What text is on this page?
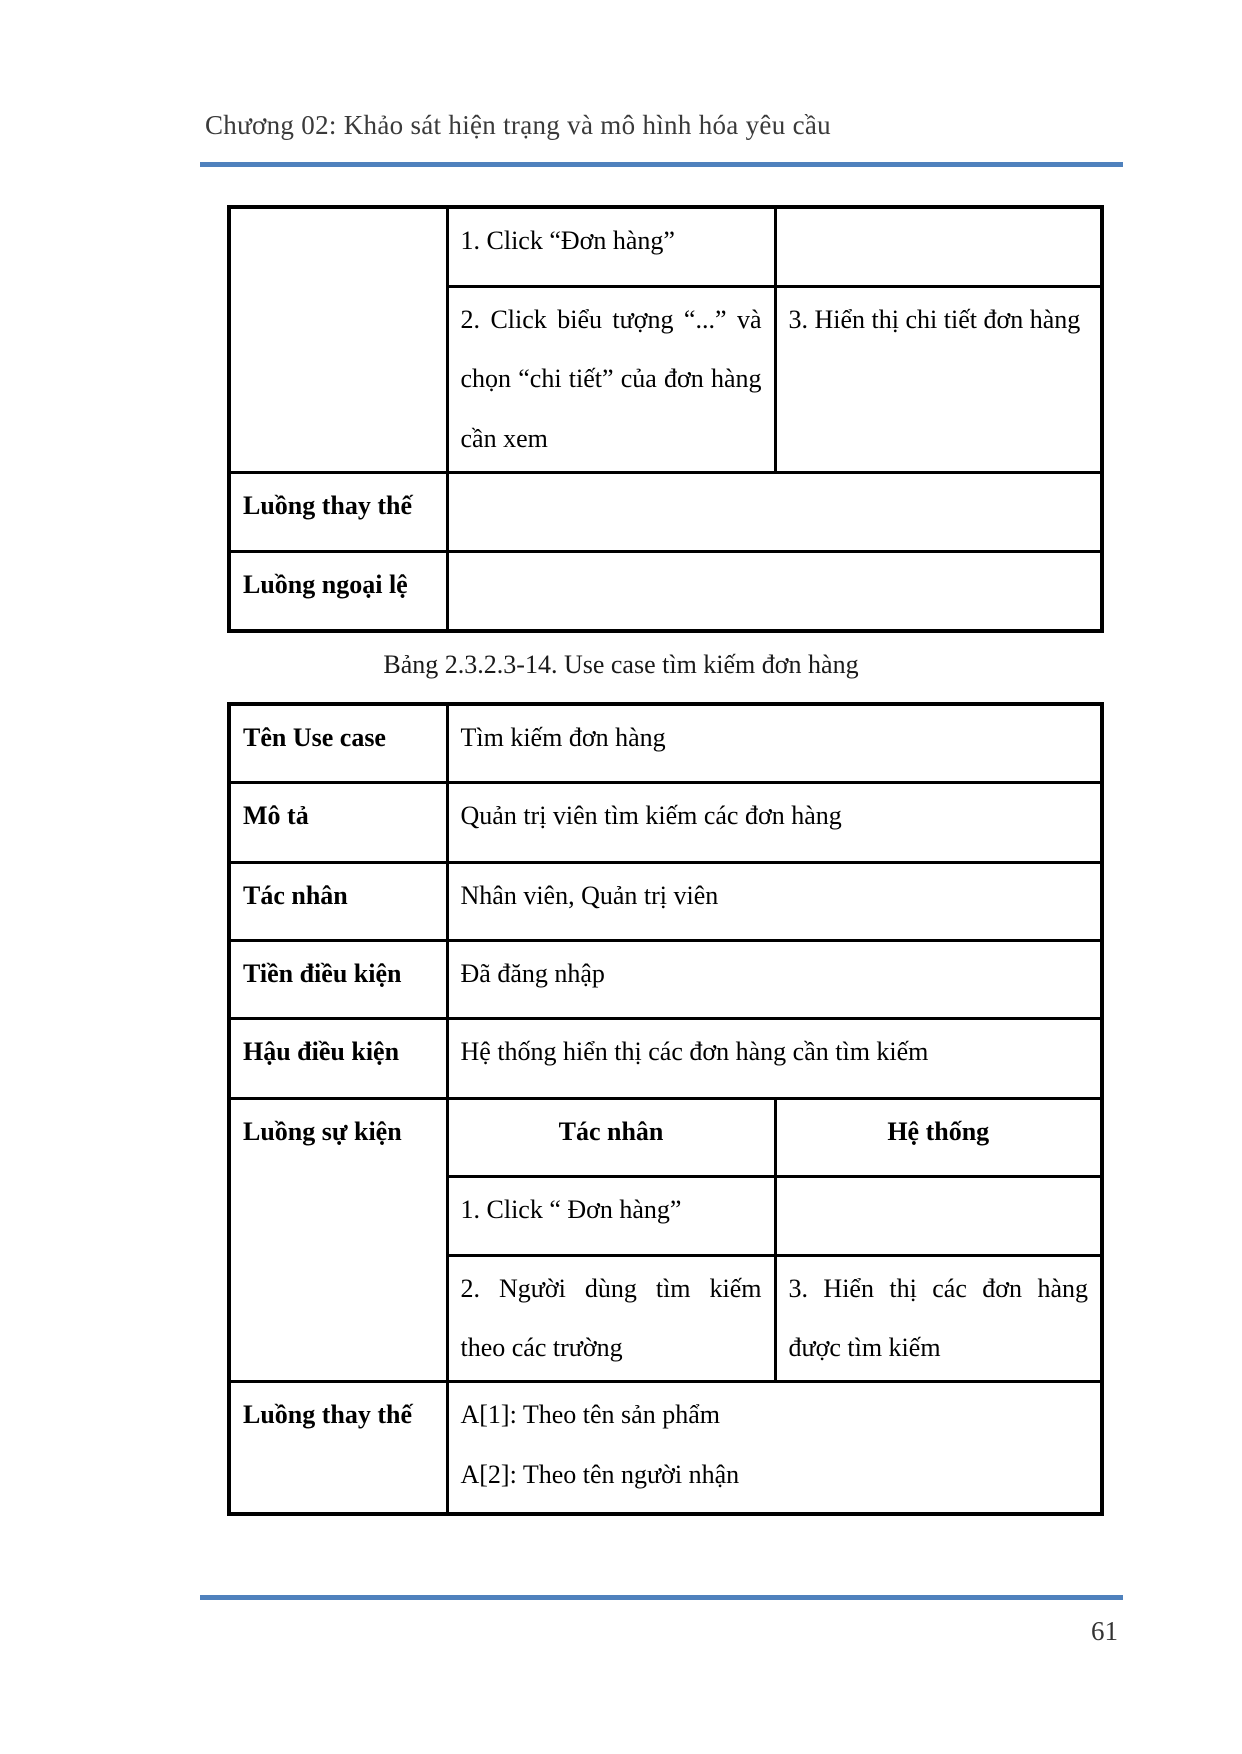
Chương 02: Khảo sát hiện trạng và mô hình hóa yêu cầu
	1. Click “Đơn hàng”	
	2. Click biểu tượng “...” và chọn “chi tiết” của đơn hàng cần xem	3. Hiển thị chi tiết đơn hàng
Luồng thay thế		
Luồng ngoại lệ		
Bảng 2.3.2.3-14. Use case tìm kiếm đơn hàng
Tên Use case	Tìm kiếm đơn hàng	
Mô tả	Quản trị viên tìm kiếm các đơn hàng	
Tác nhân	Nhân viên, Quản trị viên	
Tiền điều kiện	Đã đăng nhập	
Hậu điều kiện	Hệ thống hiển thị các đơn hàng cần tìm kiếm	
Luồng sự kiện	Tác nhân	Hệ thống
	1. Click “ Đơn hàng”	
	2. Người dùng tìm kiếm theo các trường	3. Hiển thị các đơn hàng được tìm kiếm
Luồng thay thế	A[1]: Theo tên sản phẩm
A[2]: Theo tên người nhận	
61
